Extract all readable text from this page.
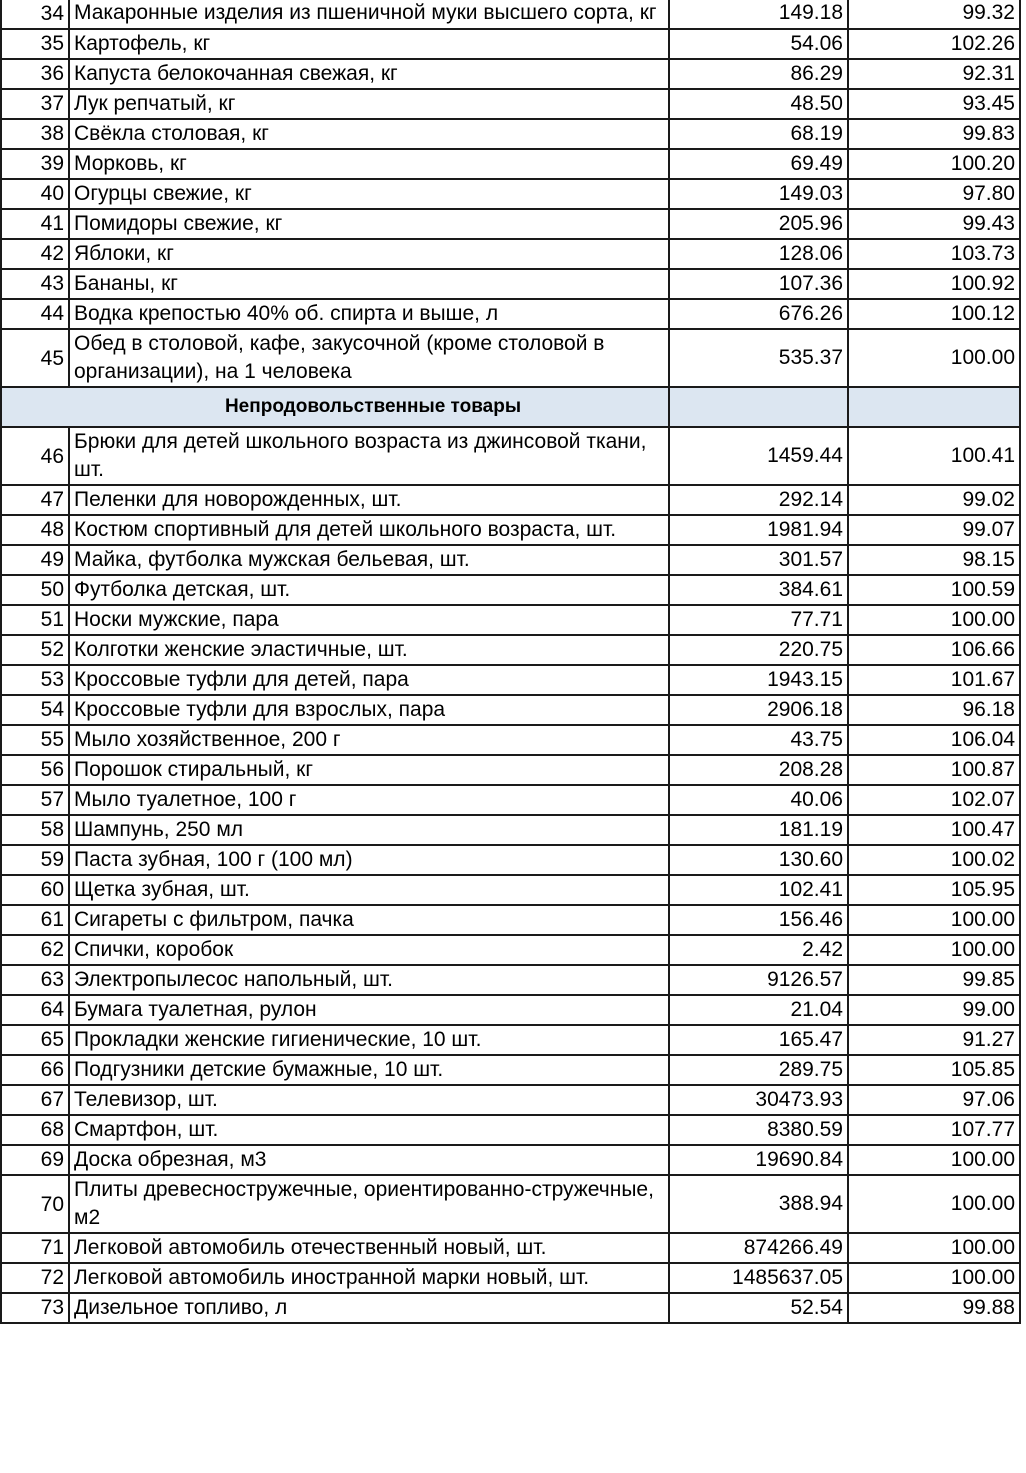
34	Макаронные изделия из пшеничной муки высшего сорта, кг	149.18	99.32
35	Картофель, кг	54.06	102.26
36	Капуста белокочанная свежая, кг	86.29	92.31
37	Лук репчатый, кг	48.50	93.45
38	Свёкла столовая, кг	68.19	99.83
39	Морковь, кг	69.49	100.20
40	Огурцы свежие, кг	149.03	97.80
41	Помидоры свежие, кг	205.96	99.43
42	Яблоки, кг	128.06	103.73
43	Бананы, кг	107.36	100.92
44	Водка крепостью 40% об. спирта и выше, л	676.26	100.12
45	Обед в столовой, кафе, закусочной (кроме столовой в организации), на 1 человека	535.37	100.00
Непродовольственные товары			
46	Брюки для детей школьного возраста из джинсовой ткани, шт.	1459.44	100.41
47	Пеленки для новорожденных, шт.	292.14	99.02
48	Костюм спортивный для детей школьного возраста, шт.	1981.94	99.07
49	Майка, футболка мужская бельевая, шт.	301.57	98.15
50	Футболка детская, шт.	384.61	100.59
51	Носки мужские, пара	77.71	100.00
52	Колготки женские эластичные, шт.	220.75	106.66
53	Кроссовые туфли для детей, пара	1943.15	101.67
54	Кроссовые туфли для взрослых, пара	2906.18	96.18
55	Мыло хозяйственное, 200 г	43.75	106.04
56	Порошок стиральный, кг	208.28	100.87
57	Мыло туалетное, 100 г	40.06	102.07
58	Шампунь, 250 мл	181.19	100.47
59	Паста зубная, 100 г (100 мл)	130.60	100.02
60	Щетка зубная, шт.	102.41	105.95
61	Сигареты с фильтром, пачка	156.46	100.00
62	Спички, коробок	2.42	100.00
63	Электропылесос напольный, шт.	9126.57	99.85
64	Бумага туалетная, рулон	21.04	99.00
65	Прокладки женские гигиенические, 10 шт.	165.47	91.27
66	Подгузники детские бумажные, 10 шт.	289.75	105.85
67	Телевизор, шт.	30473.93	97.06
68	Смартфон, шт.	8380.59	107.77
69	Доска обрезная, м3	19690.84	100.00
70	Плиты древесностружечные, ориентированно-стружечные, м2	388.94	100.00
71	Легковой автомобиль отечественный новый, шт.	874266.49	100.00
72	Легковой автомобиль иностранной марки новый, шт.	1485637.05	100.00
73	Дизельное топливо, л	52.54	99.88
